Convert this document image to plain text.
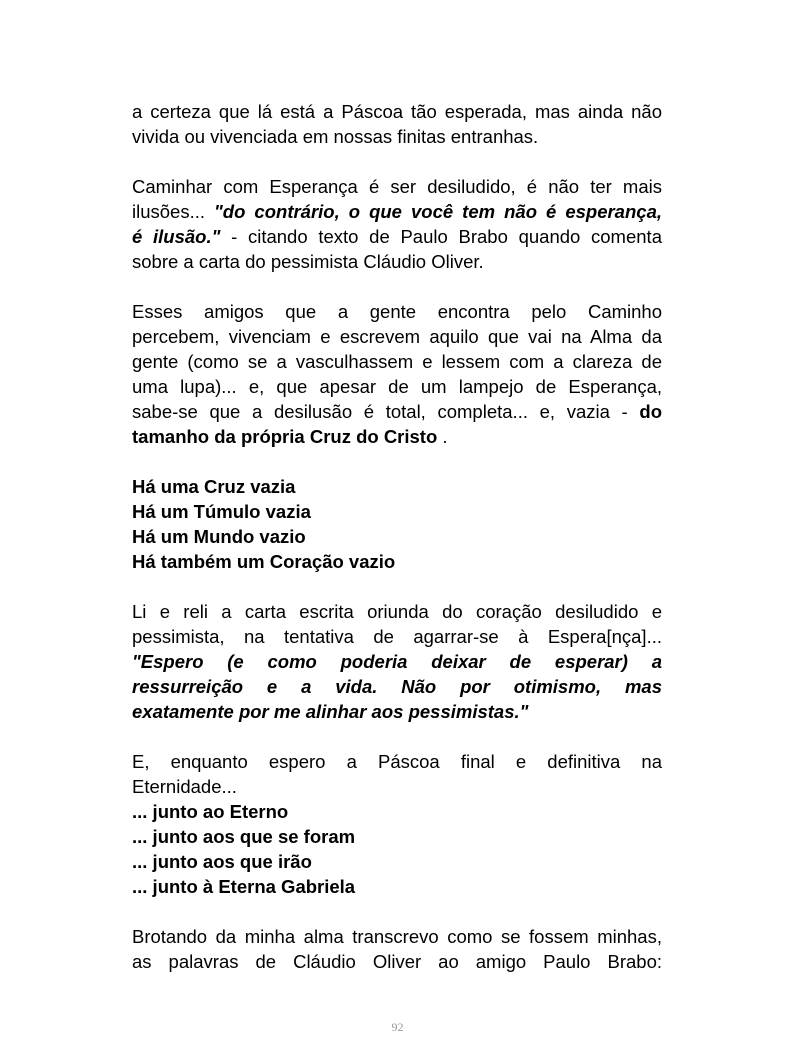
a certeza que lá está a Páscoa tão esperada, mas ainda não
vivida ou vivenciada em nossas finitas entranhas.
Caminhar com Esperança é ser desiludido, é não ter mais
ilusões... "do contrário, o que você tem não é esperança,
é ilusão." - citando texto de Paulo Brabo quando comenta
sobre a carta do pessimista Cláudio Oliver.
Esses amigos que a gente encontra pelo Caminho
percebem, vivenciam e escrevem aquilo que vai na Alma da
gente (como se a vasculhassem e lessem com a clareza de
uma lupa)... e, que apesar de um lampejo de Esperança,
sabe-se que a desilusão é total, completa... e, vazia - do
tamanho da própria Cruz do Cristo .
Há uma Cruz vazia
Há um Túmulo vazia
Há um Mundo vazio
Há também um Coração vazio
Li e reli a carta escrita oriunda do coração desiludido e
pessimista, na tentativa de agarrar-se à Espera[nça]...
"Espero (e como poderia deixar de esperar) a
ressurreição e a vida. Não por otimismo, mas
exatamente por me alinhar aos pessimistas."
E, enquanto espero a Páscoa final e definitiva na
Eternidade...
... junto ao Eterno
... junto aos que se foram
... junto aos que irão
... junto à Eterna Gabriela
Brotando da minha alma transcrevo como se fossem minhas,
as palavras de Cláudio Oliver ao amigo Paulo Brabo:
92
